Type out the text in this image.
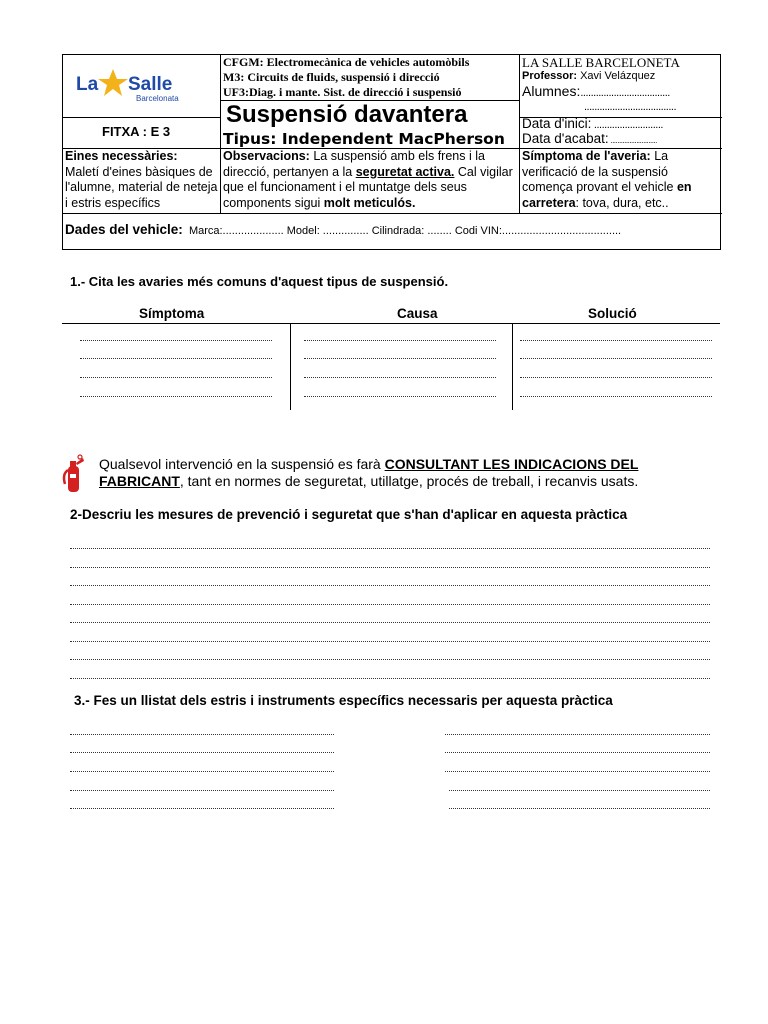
La Salle
Barcelonata
FITXA : E 3
CFGM: Electromecànica de vehicles automòbils
M3: Circuits de fluids, suspensió i direcció
UF3:Diag. i mante. Sist. de direcció i suspensió
Suspensió davantera
Tipus: Independent MacPherson
LA SALLE BARCELONETA
Professor: Xavi Velázquez
Alumnes:...................................
....................................
Data d'inici: ...........................
Data d'acabat: ...........................
Eines necessàries:
Maletí d'eines bàsiques de l'alumne, material de neteja i estris específics
Observacions: La suspensió amb els frens i la direcció, pertanyen a la seguretat activa. Cal vigilar que el funcionament i el muntatge dels seus components sigui molt meticulós.
Símptoma de l'averia: La verificació de la suspensió comença provant el vehicle en carretera: tova, dura, etc..
Dades del vehicle: Marca:.................... Model: ............... Cilindrada: ........ Codi VIN:.......................................
1.- Cita les avaries més comuns d'aquest tipus de suspensió.
Símptoma	Causa	Solució
Qualsevol intervenció en la suspensió es farà CONSULTANT LES INDICACIONS DEL FABRICANT, tant en normes de seguretat, utillatge, procés de treball, i recanvis usats.
2-Descriu les mesures de prevenció i seguretat que s'han d'aplicar en aquesta pràctica
3.- Fes un llistat dels estris i instruments específics necessaris per aquesta pràctica
